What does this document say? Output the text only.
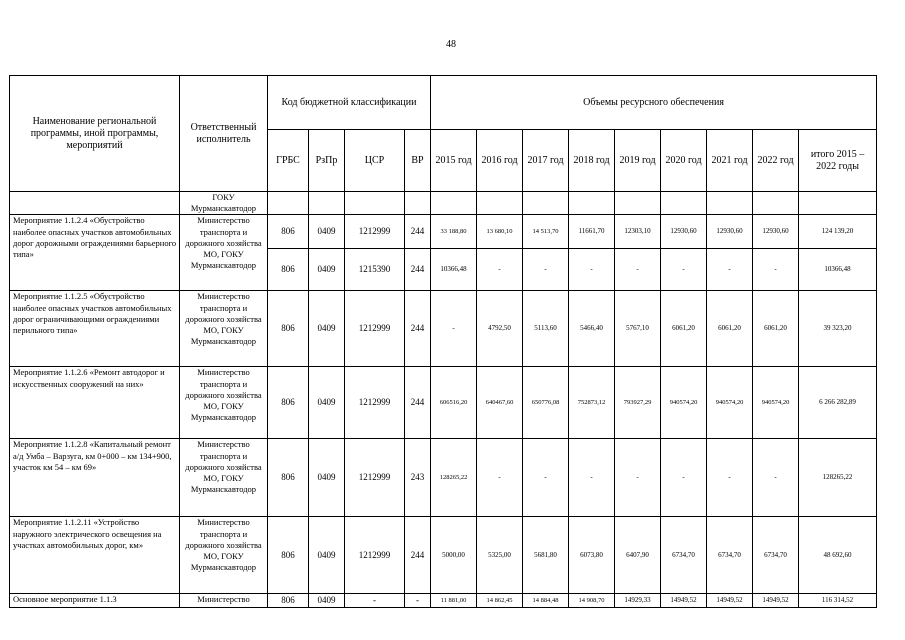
48
Наименование региональной программы, иной программы, мероприятий	Ответственный исполнитель	Код бюджетной классификации				Объемы ресурсного обеспечения								
		ГРБС	РзПр	ЦСР	ВР	2015 год	2016 год	2017 год	2018 год	2019 год	2020 год	2021 год	2022 год	итого 2015 – 2022 годы
	ГОКУ Мурманскавтодор													
Мероприятие 1.1.2.4 «Обустройство наиболее опасных участков автомобильных дорог дорожными ограждениями барьерного типа»	Министерство транспорта и дорожного хозяйства МО, ГОКУ Мурманскавтодор	806	0409	1212999	244	33 188,80	13 680,10	14 513,70	11661,70	12303,10	12930,60	12930,60	12930,60	124 139,20
		806	0409	1215390	244	10366,48	-	-	-	-	-	-	-	10366,48
Мероприятие 1.1.2.5 «Обустройство наиболее опасных участков автомобильных дорог ограничивающими ограждениями перильного типа»	Министерство транспорта и дорожного хозяйства МО, ГОКУ Мурманскавтодор	806	0409	1212999	244	-	4792,50	5113,60	5466,40	5767,10	6061,20	6061,20	6061,20	39 323,20
Мероприятие 1.1.2.6 «Ремонт автодорог и искусственных сооружений на них»	Министерство транспорта и дорожного хозяйства МО, ГОКУ Мурманскавтодор	806	0409	1212999	244	606516,20	640467,60	650776,08	752873,12	793927,29	940574,20	940574,20	940574,20	6 266 282,89
Мероприятие 1.1.2.8 «Капитальный ремонт а/д Умба – Варзуга, км 0+000 – км 134+900, участок км 54 – км 69»	Министерство транспорта и дорожного хозяйства МО, ГОКУ Мурманскавтодор	806	0409	1212999	243	128265,22	-	-	-	-	-	-	-	128265,22
Мероприятие 1.1.2.11 «Устройство наружного электрического освещения на участках автомобильных дорог, км»	Министерство транспорта и дорожного хозяйства МО, ГОКУ Мурманскавтодор	806	0409	1212999	244	5000,00	5325,00	5681,80	6073,80	6407,90	6734,70	6734,70	6734,70	48 692,60
Основное мероприятие 1.1.3	Министерство	806	0409	-	-	11 881,00	14 862,45	14 884,48	14 908,70	14929,33	14949,52	14949,52	14949,52	116 314,52
